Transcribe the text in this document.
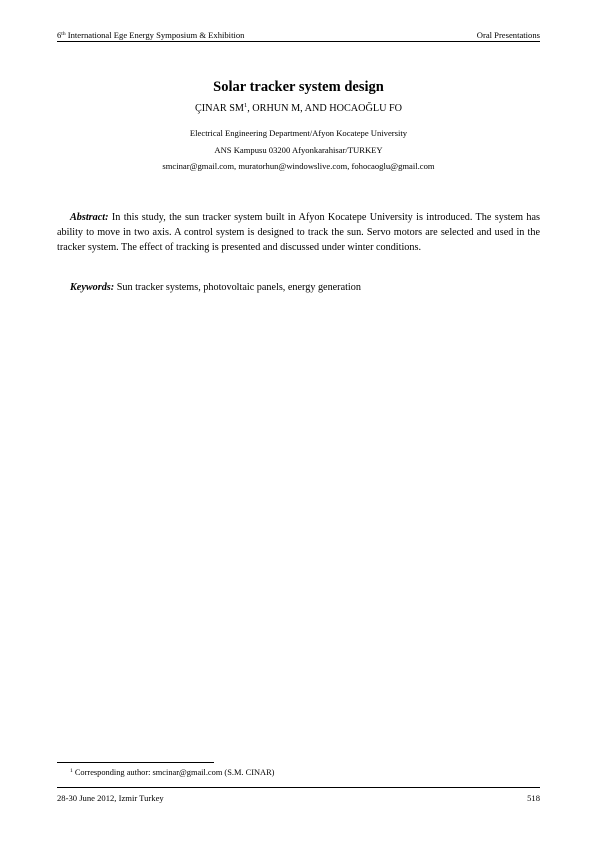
6th International Ege Energy Symposium & Exhibition	Oral Presentations
Solar tracker system design
ÇINAR $SM^1$, ORHUN M, AND HOCAOĞLU FO
Electrical Engineering Department/Afyon Kocatepe University
ANS Kampusu 03200 Afyonkarahisar/TURKEY
smcinar@gmail.com, muratorhun@windowslive.com, fohocaoglu@gmail.com

Abstract: In this study, the sun tracker system built in Afyon Kocatepe University is introduced. The system has ability to move in two axis. A control system is designed to track the sun. Servo motors are selected and used in the tracker system. The effect of tracking is presented and discussed under winter conditions.

Keywords: Sun tracker systems, photovoltaic panels, energy generation

$^1$ Corresponding author: smcinar@gmail.com (S.M. CINAR)
28-30 June 2012, Izmir Turkey	518
